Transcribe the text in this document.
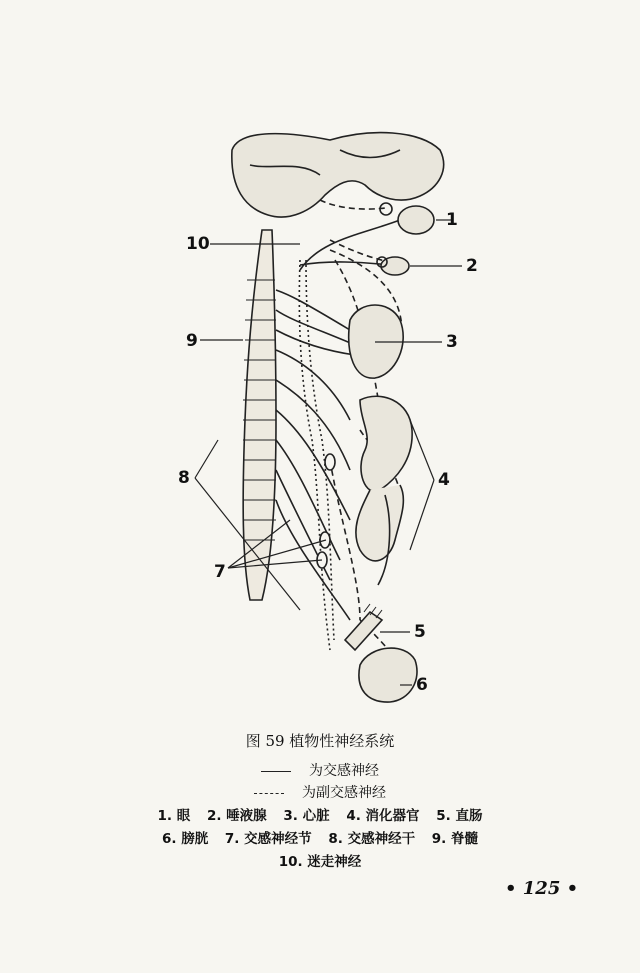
1
2
3
4
5
6
7
8
9
10
图 59 植物性神经系统
为交感神经
为副交感神经
1. 眼 2. 唾液腺 3. 心脏 4. 消化器官 5. 直肠
6. 膀胱 7. 交感神经节 8. 交感神经干 9. 脊髓
10. 迷走神经
• 125 •
